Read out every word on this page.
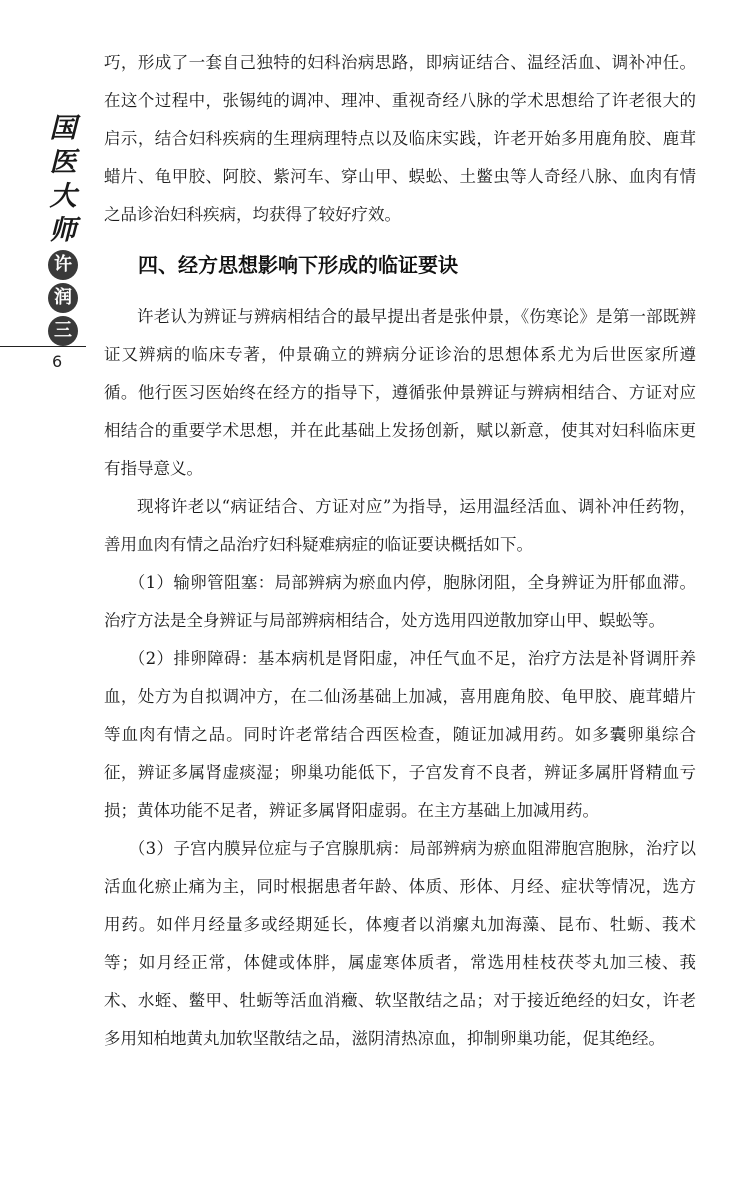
国
医
大
师
许
润
三
6

巧，形成了一套自己独特的妇科治病思路，即病证结合、温经活血、调补冲任。在这个过程中，张锡纯的调冲、理冲、重视奇经八脉的学术思想给了许老很大的启示，结合妇科疾病的生理病理特点以及临床实践，许老开始多用鹿角胶、鹿茸蜡片、龟甲胶、阿胶、紫河车、穿山甲、蜈蚣、土鳖虫等人奇经八脉、血肉有情之品诊治妇科疾病，均获得了较好疗效。

四、经方思想影响下形成的临证要诀

许老认为辨证与辨病相结合的最早提出者是张仲景，《伤寒论》是第一部既辨证又辨病的临床专著，仲景确立的辨病分证诊治的思想体系尤为后世医家所遵循。他行医习医始终在经方的指导下，遵循张仲景辨证与辨病相结合、方证对应相结合的重要学术思想，并在此基础上发扬创新，赋以新意，使其对妇科临床更有指导意义。

现将许老以“病证结合、方证对应”为指导，运用温经活血、调补冲任药物，善用血肉有情之品治疗妇科疑难病症的临证要诀概括如下。

（1）输卵管阻塞：局部辨病为瘀血内停，胞脉闭阻，全身辨证为肝郁血滞。治疗方法是全身辨证与局部辨病相结合，处方选用四逆散加穿山甲、蜈蚣等。

（2）排卵障碍：基本病机是肾阳虚，冲任气血不足，治疗方法是补肾调肝养血，处方为自拟调冲方，在二仙汤基础上加减，喜用鹿角胶、龟甲胶、鹿茸蜡片等血肉有情之品。同时许老常结合西医检查，随证加减用药。如多囊卵巢综合征，辨证多属肾虚痰湿；卵巢功能低下，子宫发育不良者，辨证多属肝肾精血亏损；黄体功能不足者，辨证多属肾阳虚弱。在主方基础上加减用药。

（3）子宫内膜异位症与子宫腺肌病：局部辨病为瘀血阻滞胞宫胞脉，治疗以活血化瘀止痛为主，同时根据患者年龄、体质、形体、月经、症状等情况，选方用药。如伴月经量多或经期延长，体瘦者以消瘰丸加海藻、昆布、牡蛎、莪术等；如月经正常，体健或体胖，属虚寒体质者，常选用桂枝茯苓丸加三棱、莪术、水蛭、鳖甲、牡蛎等活血消癥、软坚散结之品；对于接近绝经的妇女，许老多用知柏地黄丸加软坚散结之品，滋阴清热凉血，抑制卵巢功能，促其绝经。
